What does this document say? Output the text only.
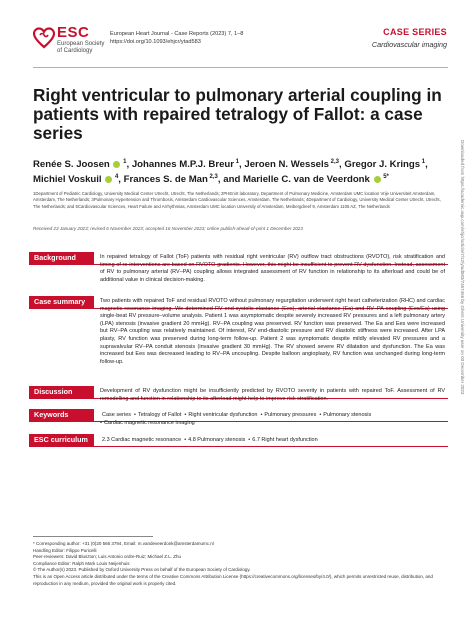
ESC
European Society
of Cardiology
European Heart Journal - Case Reports (2023) 7, 1–8
https://doi.org/10.1093/ehjcr/ytad583
CASE SERIES
Cardiovascular imaging
Right ventricular to pulmonary arterial coupling in patients with repaired tetralogy of Fallot: a case series
Renée S. Joosen  $^1$, Johannes M.P.J. Breur $^1$, Jeroen N. Wessels $^{2,3}$, Gregor J. Krings $^1$, Michiel Voskuil  $^4$, Frances S. de Man $^{2,3}$, and Marielle C. van de Veerdonk  $^{5*}$
1Department of Pediatric Cardiology, University Medical Center Utrecht, Utrecht, The Netherlands; 2PHEniX laboratory, Department of Pulmonary Medicine, Amsterdam UMC location Vrije Universiteit Amsterdam, Amsterdam, The Netherlands; 3Pulmonary Hypertension and Thrombosis, Amsterdam Cardiovascular Sciences, Amsterdam, The Netherlands; 4Department of Cardiology, University Medical Center Utrecht, Utrecht, The Netherlands; and 5Cardiovascular Sciences, Heart Failure and Arrhythmias, Amsterdam UMC location University of Amsterdam, Meibergdreef 9, Amsterdam 1105 AZ, The Netherlands
Received 23 January 2023; revised 6 November 2023; accepted 16 November 2023; online publish-ahead-of-print 1 December 2023
Background	In repaired tetralogy of Fallot (ToF) patients with residual right ventricular (RV) outflow tract obstructions (RVOTO), risk stratification and timing of re-interventions are based on RVOTO gradients. However, this might be insufficient to prevent RV dysfunction. Instead, assessment of RV to pulmonary arterial (RV–PA) coupling allows integrated assessment of RV function in relationship to its afterload and could be of additional value in clinical decision-making.
Case summary	Two patients with repaired ToF and residual RVOTO without pulmonary regurgitation underwent right heart catheterization (RHC) and cardiac magnetic resonance imaging. We determined RV end-systolic elastance (Ees), arterial elastance (Ea) and RV–PA coupling (Ees/Ea) using single-beat RV pressure–volume analysis. Patient 1 was asymptomatic despite severely increased RV pressures and a left pulmonary artery (LPA) stenosis (invasive gradient 20 mmHg). RV–PA coupling was preserved. RV function was preserved. The Ea and Ees were increased but RV–PA coupling was relatively maintained. Of interest, RV end-diastolic pressure and RV diastolic stiffness were increased. After LPA plasty, RV function was preserved during long-term follow-up. Patient 2 was symptomatic despite mildly elevated RV pressures and a supravalvular RV–PA conduit stenosis (invasive gradient 30 mmHg). The RV showed severe RV dilatation and dysfunction. The Ea was increased but Ees was decreased leading to RV–PA uncoupling. Despite balloon angioplasty, RV function was unchanged during long-term follow-up.
Discussion	Development of RV dysfunction might be insufficiently predicted by RVOTO severity in patients with repaired ToF. Assessment of RV remodelling and function in relationship to its afterload might help to improve risk stratification.
Keywords	Case series • Tetralogy of Fallot • Right ventricular dysfunction • Pulmonary pressures • Pulmonary stenosis• Cardiac magnetic resonance imaging
ESC curriculum	2.3 Cardiac magnetic resonance • 4.8 Pulmonary stenosis • 6.7 Right heart dysfunction
Downloaded from https://academic.oup.com/ehjcr/article/7/12/ytad583/7457466 by Ghent University user on 03 December 2023
* Corresponding author: +31 (0)20 566 3794, Email: m.vandeveerdonk@amsterdamumc.nl
Handling Editor: Filippo Puricelli
Peer-reviewers: David Bluszton; Luis Antonio ordre-Ruiz; Michael Z.L. Zhu
Compliance Editor: Ralph Mark Louis Neijenhuis
© The Author(s) 2023. Published by Oxford University Press on behalf of the European Society of Cardiology.
This is an Open Access article distributed under the terms of the Creative Commons Attribution License (https://creativecommons.org/licenses/by/4.0/), which permits unrestricted reuse, distribution, and reproduction in any medium, provided the original work is properly cited.
